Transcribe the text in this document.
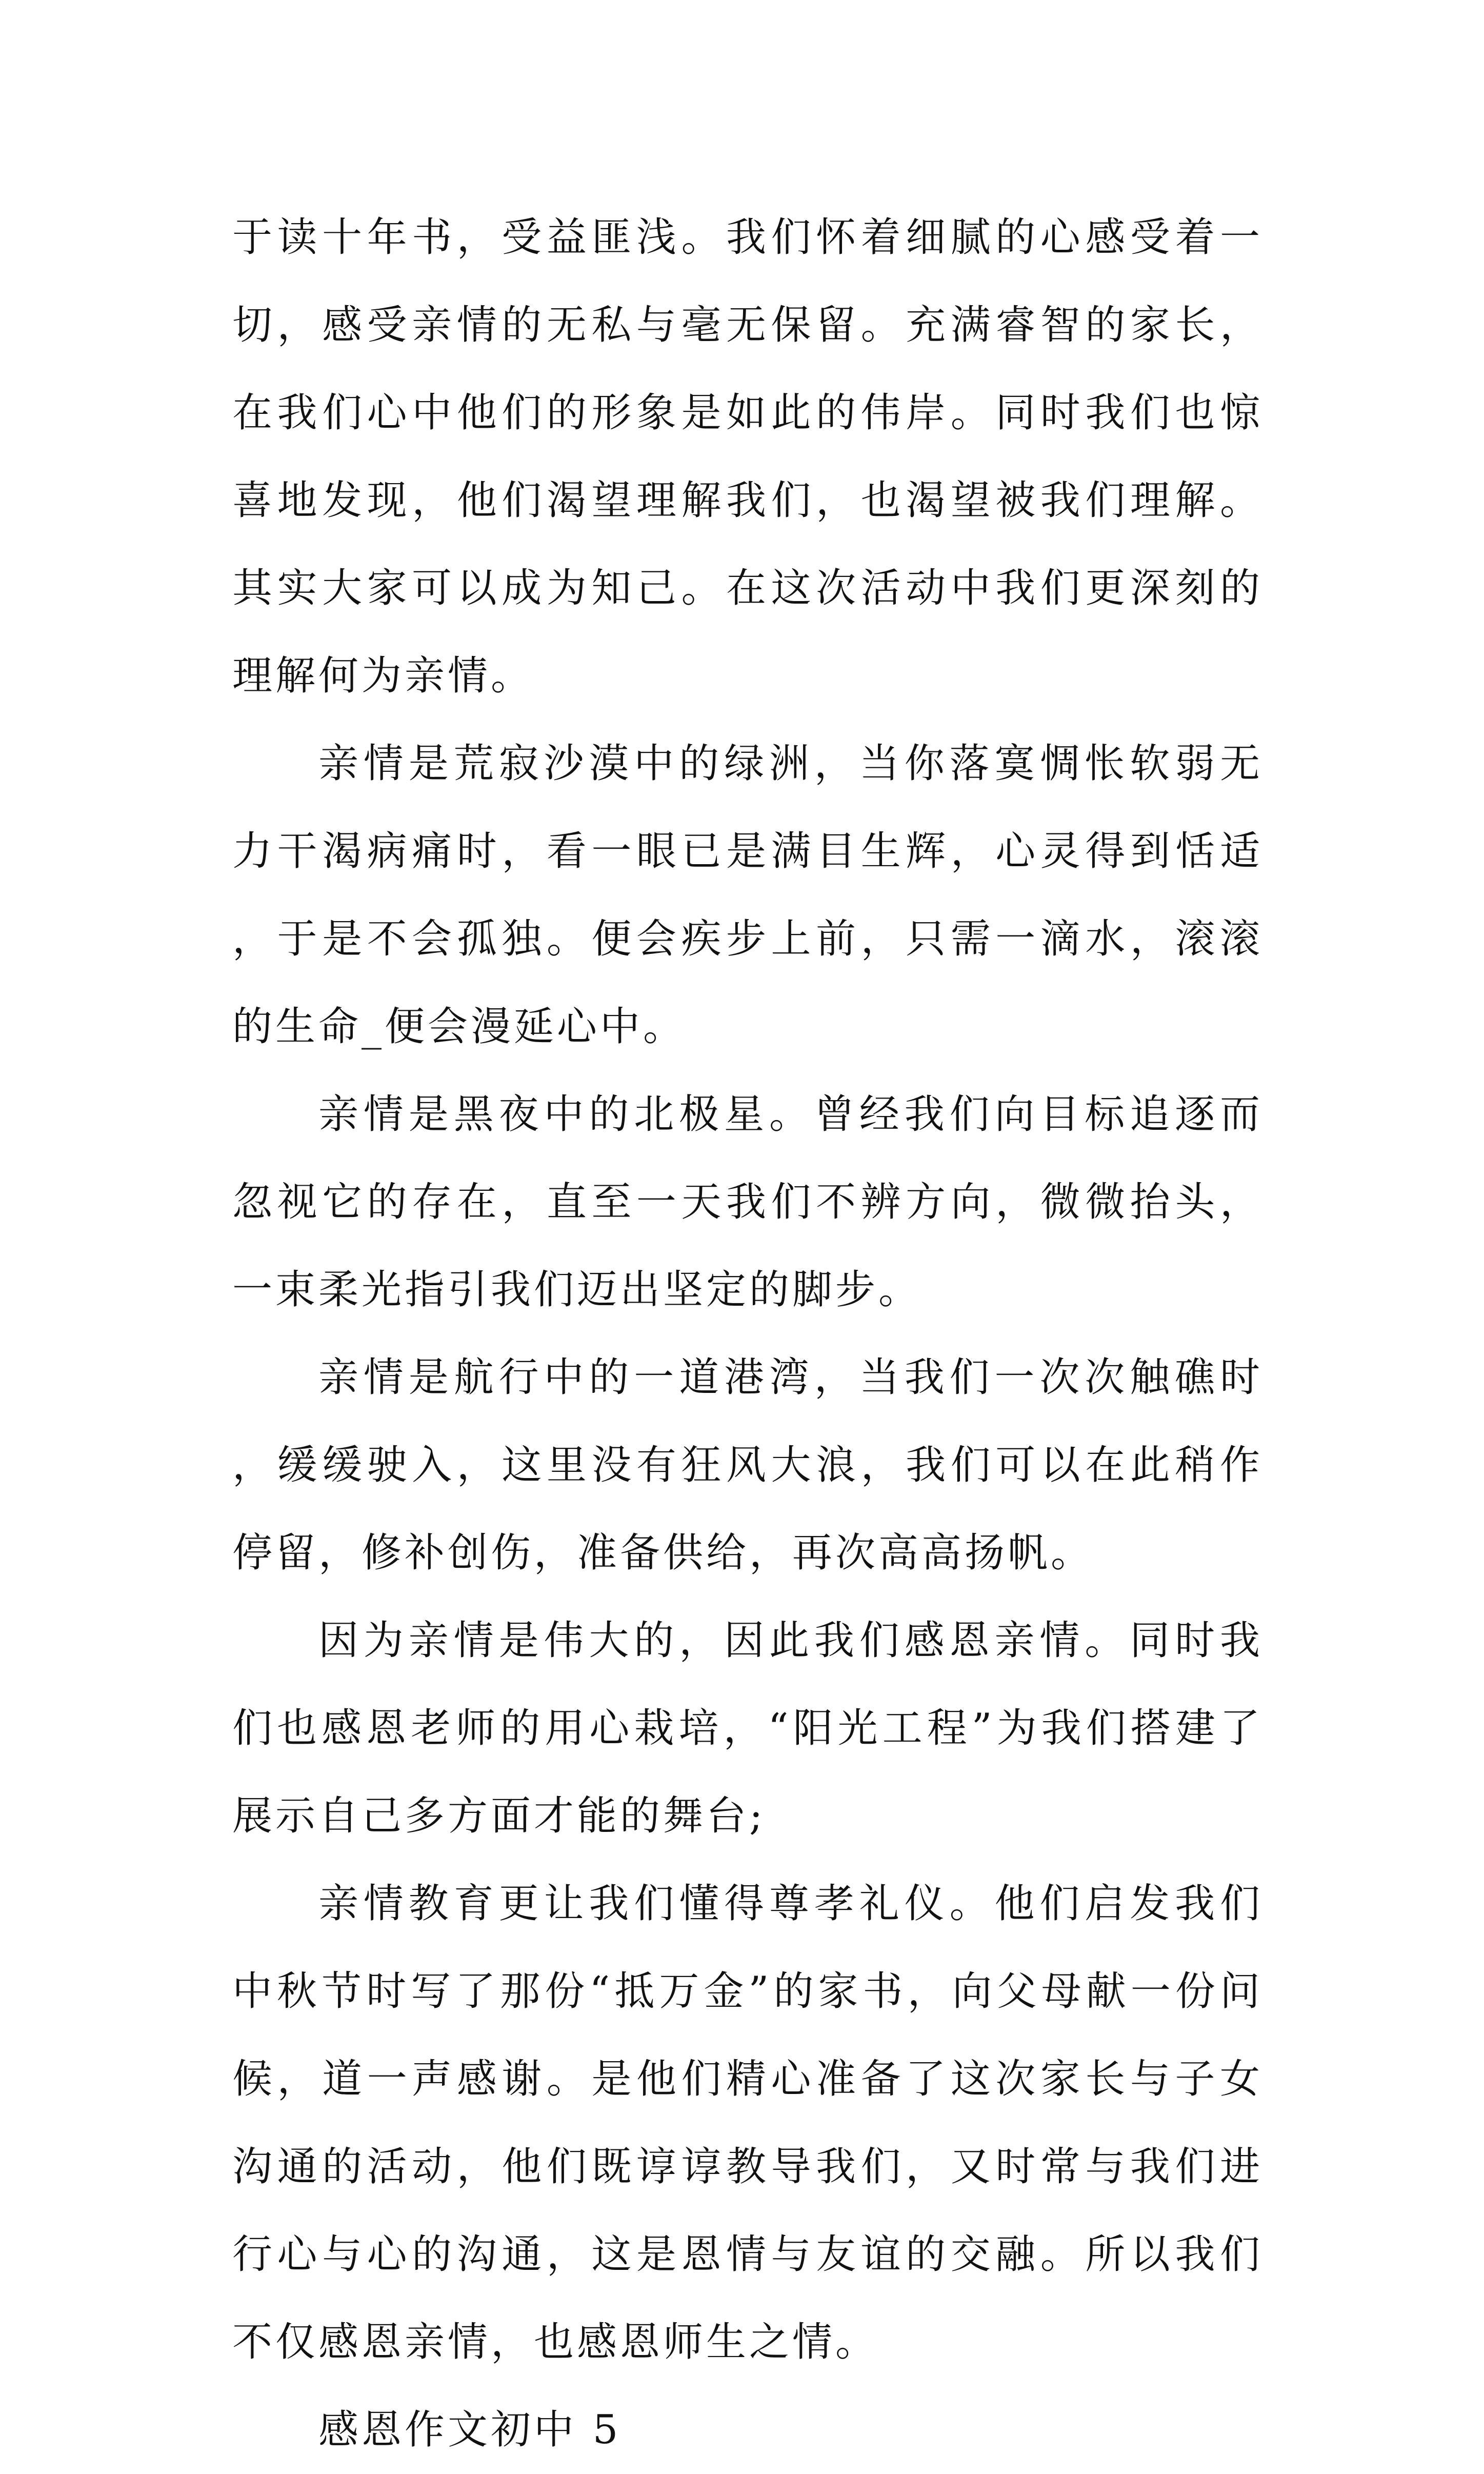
于读十年书，受益匪浅。我们怀着细腻的心感受着一切，感受亲情的无私与毫无保留。充满睿智的家长，在我们心中他们的形象是如此的伟岸。同时我们也惊喜地发现，他们渴望理解我们，也渴望被我们理解。其实大家可以成为知己。在这次活动中我们更深刻的理解何为亲情。

亲情是荒寂沙漠中的绿洲，当你落寞惆怅软弱无力干渴病痛时，看一眼已是满目生辉，心灵得到恬适，于是不会孤独。便会疾步上前，只需一滴水，滚滚的生命_便会漫延心中。

亲情是黑夜中的北极星。曾经我们向目标追逐而忽视它的存在，直至一天我们不辨方向，微微抬头，一束柔光指引我们迈出坚定的脚步。

亲情是航行中的一道港湾，当我们一次次触礁时，缓缓驶入，这里没有狂风大浪，我们可以在此稍作停留，修补创伤，准备供给，再次高高扬帆。

因为亲情是伟大的，因此我们感恩亲情。同时我们也感恩老师的用心栽培，“阳光工程”为我们搭建了展示自己多方面才能的舞台;

亲情教育更让我们懂得尊孝礼仪。他们启发我们中秋节时写了那份“抵万金”的家书，向父母献一份问候，道一声感谢。是他们精心准备了这次家长与子女沟通的活动，他们既谆谆教导我们，又时常与我们进行心与心的沟通，这是恩情与友谊的交融。所以我们不仅感恩亲情，也感恩师生之情。

感恩作文初中 5
